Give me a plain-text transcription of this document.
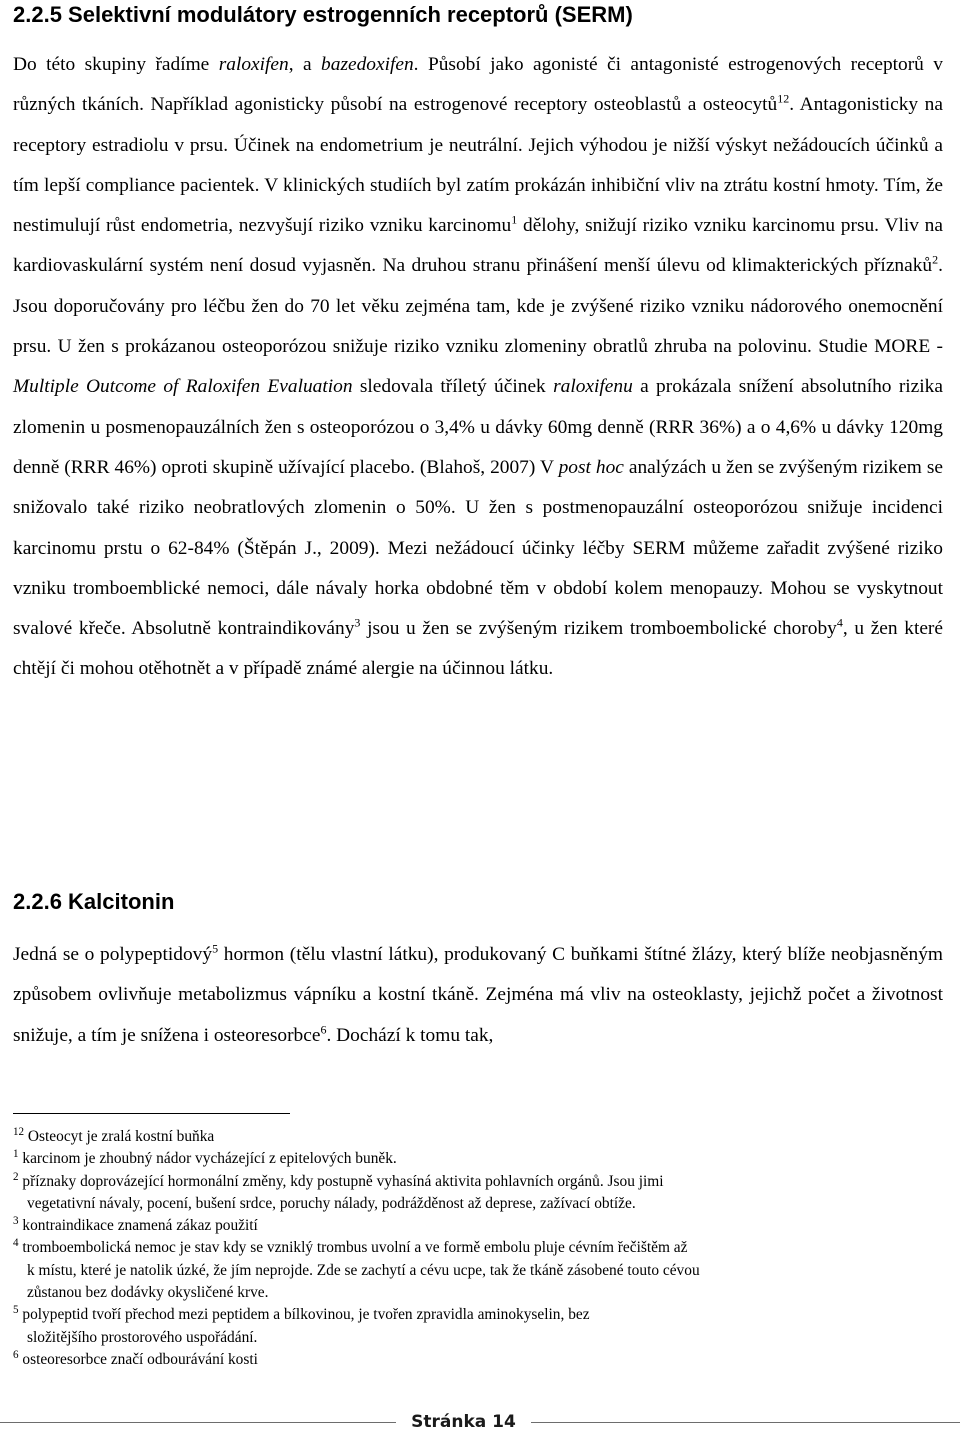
2.2.5 Selektivní modulátory estrogenních receptorů (SERM)

Do této skupiny řadíme raloxifen, a bazedoxifen. Působí jako agonisté či antagonisté estrogenových receptorů v různých tkáních. Například agonisticky působí na estrogenové receptory osteoblastů a osteocytů$^{12}$. Antagonisticky na receptory estradiolu v prsu. Účinek na endometrium je neutrální. Jejich výhodou je nižší výskyt nežádoucích účinků a tím lepší compliance pacientek. V klinických studiích byl zatím prokázán inhibiční vliv na ztrátu kostní hmoty. Tím, že nestimulují růst endometria, nezvyšují riziko vzniku karcinomu$^1$ dělohy, snižují riziko vzniku karcinomu prsu. Vliv na kardiovaskulární systém není dosud vyjasněn. Na druhou stranu přinášení menší úlevu od klimakterických příznaků$^2$. Jsou doporučovány pro léčbu žen do 70 let věku zejména tam, kde je zvýšené riziko vzniku nádorového onemocnění prsu. U žen s prokázanou osteoporózou snižuje riziko vzniku zlomeniny obratlů zhruba na polovinu. Studie MORE - Multiple Outcome of Raloxifen Evaluation sledovala tříletý účinek raloxifenu a prokázala snížení absolutního rizika zlomenin u posmenopauzálních žen s osteoporózou o 3,4% u dávky 60mg denně (RRR 36%) a o 4,6% u dávky 120mg denně (RRR 46%) oproti skupině užívající placebo. (Blahoš, 2007) V post hoc analýzách u žen se zvýšeným rizikem se snižovalo také riziko neobratlových zlomenin o 50%. U žen s postmenopauzální osteoporózou snižuje incidenci karcinomu prstu o 62-84% (Štěpán J., 2009). Mezi nežádoucí účinky léčby SERM můžeme zařadit zvýšené riziko vzniku tromboemblické nemoci, dále návaly horka obdobné těm v období kolem menopauzy. Mohou se vyskytnout svalové křeče. Absolutně kontraindikovány$^3$ jsou u žen se zvýšeným rizikem tromboembolické choroby$^4$, u žen které chtějí či mohou otěhotnět a v případě známé alergie na účinnou látku.

2.2.6 Kalcitonin

Jedná se o polypeptidový$^5$ hormon (tělu vlastní látku), produkovaný C buňkami štítné žlázy, který blíže neobjasněným způsobem ovlivňuje metabolizmus vápníku a kostní tkáně. Zejména má vliv na osteoklasty, jejichž počet a životnost snižuje, a tím je snížena i osteoresorbce$^6$. Dochází k tomu tak,

$^{12}$ Osteocyt je zralá kostní buňka
$^1$ karcinom je zhoubný nádor vycházející z epitelových buněk.
$^2$ příznaky doprovázející hormonální změny, kdy postupně vyhasíná aktivita pohlavních orgánů. Jsou jimi
vegetativní návaly, pocení, bušení srdce, poruchy nálady, podrážděnost až deprese, zažívací obtíže.
$^3$ kontraindikace znamená zákaz použití
$^4$ tromboembolická nemoc je stav kdy se vzniklý trombus uvolní a ve formě embolu pluje cévním řečištěm až
k místu, které je natolik úzké, že jím neprojde. Zde se zachytí a cévu ucpe, tak že tkáně zásobené touto cévou
zůstanou bez dodávky okysličené krve.
$^5$ polypeptid tvoří přechod mezi peptidem a bílkovinou, je tvořen zpravidla aminokyselin, bez
složitějšího prostorového uspořádání.
$^6$ osteoresorbce značí odbourávání kosti
Stránka 14
